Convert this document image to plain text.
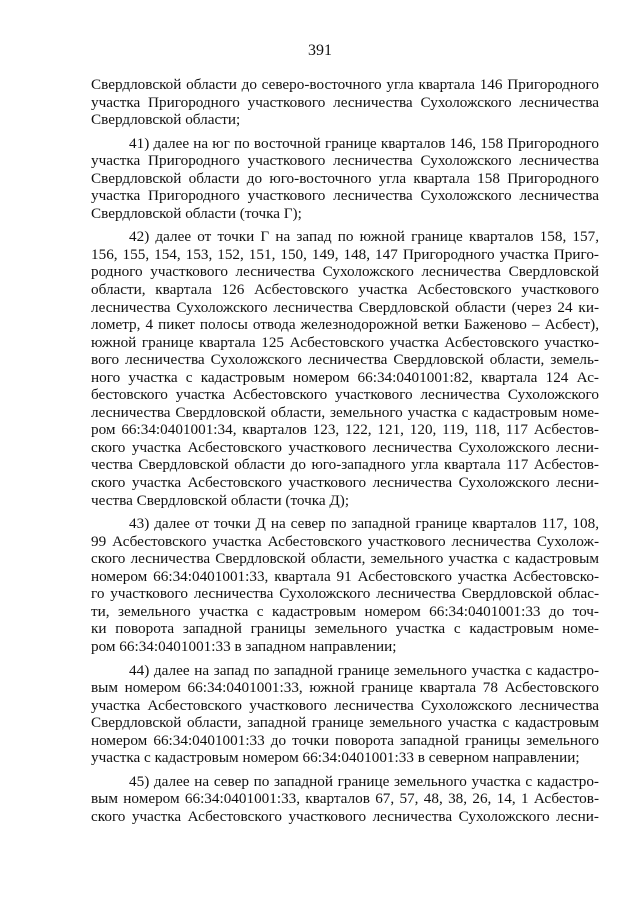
391
Свердловской области до северо-восточного угла квартала 146 Пригородного
участка Пригородного участкового лесничества Сухоложского лесничества
Свердловской области;
41) далее на юг по восточной границе кварталов 146, 158 Пригородного
участка Пригородного участкового лесничества Сухоложского лесничества
Свердловской области до юго-восточного угла квартала 158 Пригородного
участка Пригородного участкового лесничества Сухоложского лесничества
Свердловской области (точка Г);
42) далее от точки Г на запад по южной границе кварталов 158, 157,
156, 155, 154, 153, 152, 151, 150, 149, 148, 147 Пригородного участка Приго-
родного участкового лесничества Сухоложского лесничества Свердловской
области, квартала 126 Асбестовского участка Асбестовского участкового
лесничества Сухоложского лесничества Свердловской области (через 24 ки-
лометр, 4 пикет полосы отвода железнодорожной ветки Баженово – Асбест),
южной границе квартала 125 Асбестовского участка Асбестовского участко-
вого лесничества Сухоложского лесничества Свердловской области, земель-
ного участка с кадастровым номером 66:34:0401001:82, квартала 124 Ас-
бестовского участка Асбестовского участкового лесничества Сухоложского
лесничества Свердловской области, земельного участка с кадастровым номе-
ром 66:34:0401001:34, кварталов 123, 122, 121, 120, 119, 118, 117 Асбестов-
ского участка Асбестовского участкового лесничества Сухоложского лесни-
чества Свердловской области до юго-западного угла квартала 117 Асбестов-
ского участка Асбестовского участкового лесничества Сухоложского лесни-
чества Свердловской области (точка Д);
43) далее от точки Д на север по западной границе кварталов 117, 108,
99 Асбестовского участка Асбестовского участкового лесничества Сухолож-
ского лесничества Свердловской области, земельного участка с кадастровым
номером 66:34:0401001:33, квартала 91 Асбестовского участка Асбестовско-
го участкового лесничества Сухоложского лесничества Свердловской облас-
ти, земельного участка с кадастровым номером 66:34:0401001:33 до точ-
ки поворота западной границы земельного участка с кадастровым номе-
ром 66:34:0401001:33 в западном направлении;
44) далее на запад по западной границе земельного участка с кадастро-
вым номером 66:34:0401001:33, южной границе квартала 78 Асбестовского
участка Асбестовского участкового лесничества Сухоложского лесничества
Свердловской области, западной границе земельного участка с кадастровым
номером 66:34:0401001:33 до точки поворота западной границы земельного
участка с кадастровым номером 66:34:0401001:33 в северном направлении;
45) далее на север по западной границе земельного участка с кадастро-
вым номером 66:34:0401001:33, кварталов 67, 57, 48, 38, 26, 14, 1 Асбестов-
ского участка Асбестовского участкового лесничества Сухоложского лесни-
